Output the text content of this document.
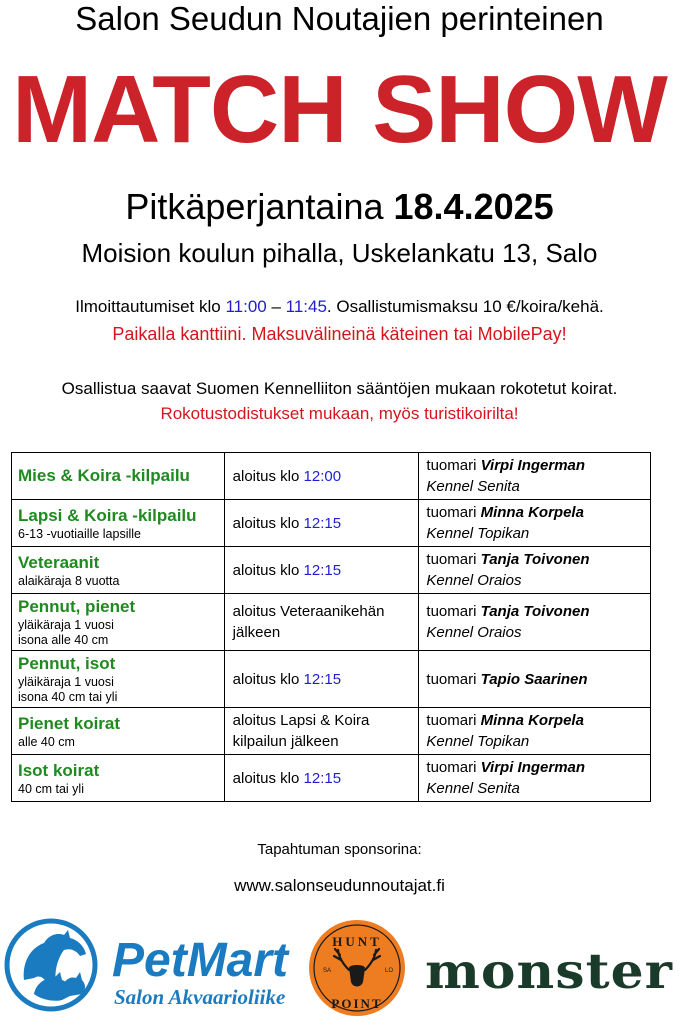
Salon Seudun Noutajien perinteinen
MATCH SHOW
Pitkäperjantaina 18.4.2025
Moision koulun pihalla, Uskelankatu 13, Salo
Ilmoittautumiset klo 11:00 – 11:45. Osallistumismaksu 10 €/koira/kehä.
Paikalla kanttiini. Maksuvälineinä käteinen tai MobilePay!
Osallistua saavat Suomen Kennelliiton sääntöjen mukaan rokotetut koirat.
Rokotustodistukset mukaan, myös turistikoirilta!
Mies & Koira -kilpailu	aloitus klo 12:00	tuomari Virpi Ingerman
Kennel Senita

Lapsi & Koira -kilpailu
6-13 -vuotiaille lapsille	aloitus klo 12:15	tuomari Minna Korpela
Kennel Topikan

Veteraanit
alaikäraja 8 vuotta	aloitus klo 12:15	tuomari Tanja Toivonen
Kennel Oraios

Pennut, pienet
yläikäraja 1 vuosi
isona alle 40 cm	aloitus Veteraanikehän jälkeen	tuomari Tanja Toivonen
Kennel Oraios

Pennut, isot
yläikäraja 1 vuosi
isona 40 cm tai yli	aloitus klo 12:15	tuomari Tapio Saarinen

Pienet koirat
alle 40 cm	aloitus Lapsi & Koira kilpailun jälkeen	tuomari Minna Korpela
Kennel Topikan

Isot koirat
40 cm tai yli	aloitus klo 12:15	tuomari Virpi Ingerman
Kennel Senita
Tapahtuman sponsorina:
www.salonseudunnoutajat.fi
PetMart
Salon Akvaarioliike
HUNT
POINT
SA	LO monster
